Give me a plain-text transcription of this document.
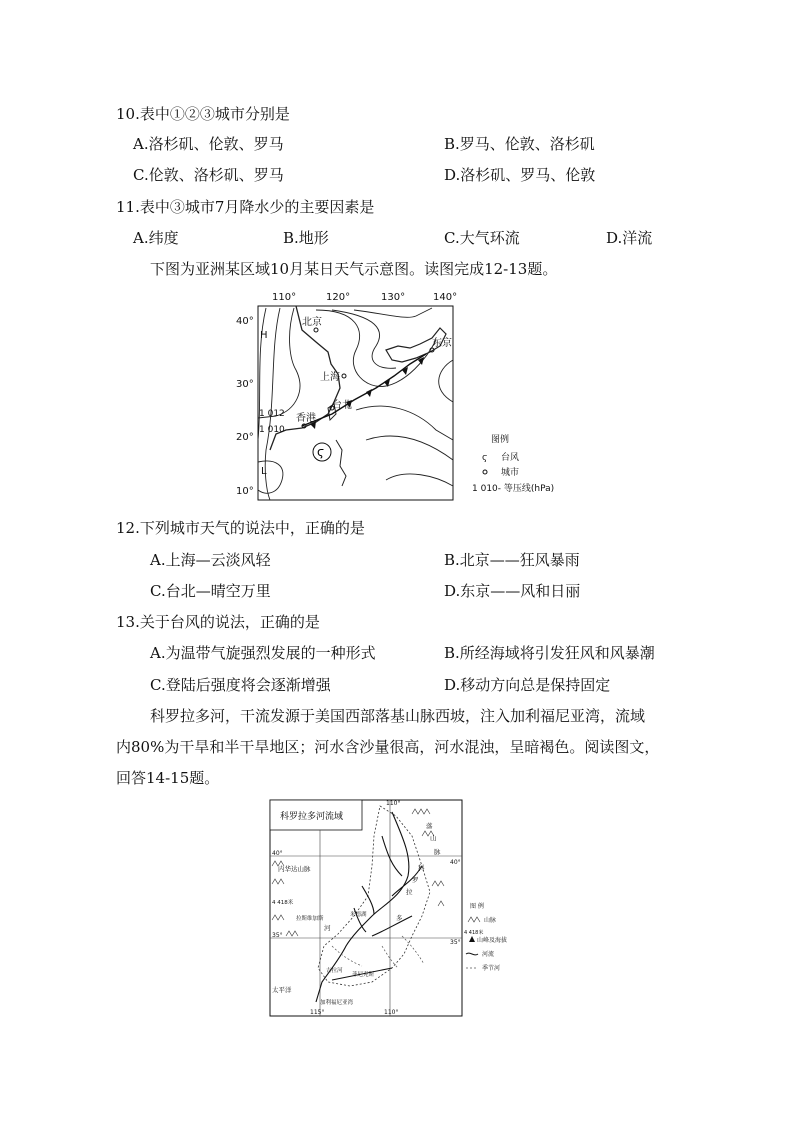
10.表中①②③城市分别是
A.洛杉矶、伦敦、罗马	B.罗马、伦敦、洛杉矶
C.伦敦、洛杉矶、罗马	D.洛杉矶、罗马、伦敦
11.表中③城市7月降水少的主要因素是
A.纬度	B.地形	C.大气环流	D.洋流
下图为亚洲某区域10月某日天气示意图。读图完成12-13题。
110°	120°	130°	140°
40°
30°
20°
10°
ϛ
北京
上海
台北
香港
东京
1 012
1 010
H
L
图例
ϛ 台风
城市
1 010- 等压线(hPa)
12.下列城市天气的说法中，正确的是
A.上海—云淡风轻	B.北京——狂风暴雨
C.台北—晴空万里	D.东京——风和日丽
13.关于台风的说法，正确的是
A.为温带气旋强烈发展的一种形式	B.所经海域将引发狂风和风暴潮
C.登陆后强度将会逐渐增强	D.移动方向总是保持固定
科罗拉多河，干流发源于美国西部落基山脉西坡，注入加利福尼亚湾，流域
内80%为干旱和半干旱地区；河水含沙量很高，河水混浊，呈暗褐色。阅读图文，
回答14-15题。
科罗拉多河流域
110°
115°	110°
40°
35°
40°
35°
内华达山脉
4 418米
拉斯维加斯
米德湖
河
多
拉
罗
科
落
山
脉
菲尼克斯
吉拉河
太平洋
加利福尼亚湾
图 例
山脉
4 418米
山峰及海拔
河流
季节河
